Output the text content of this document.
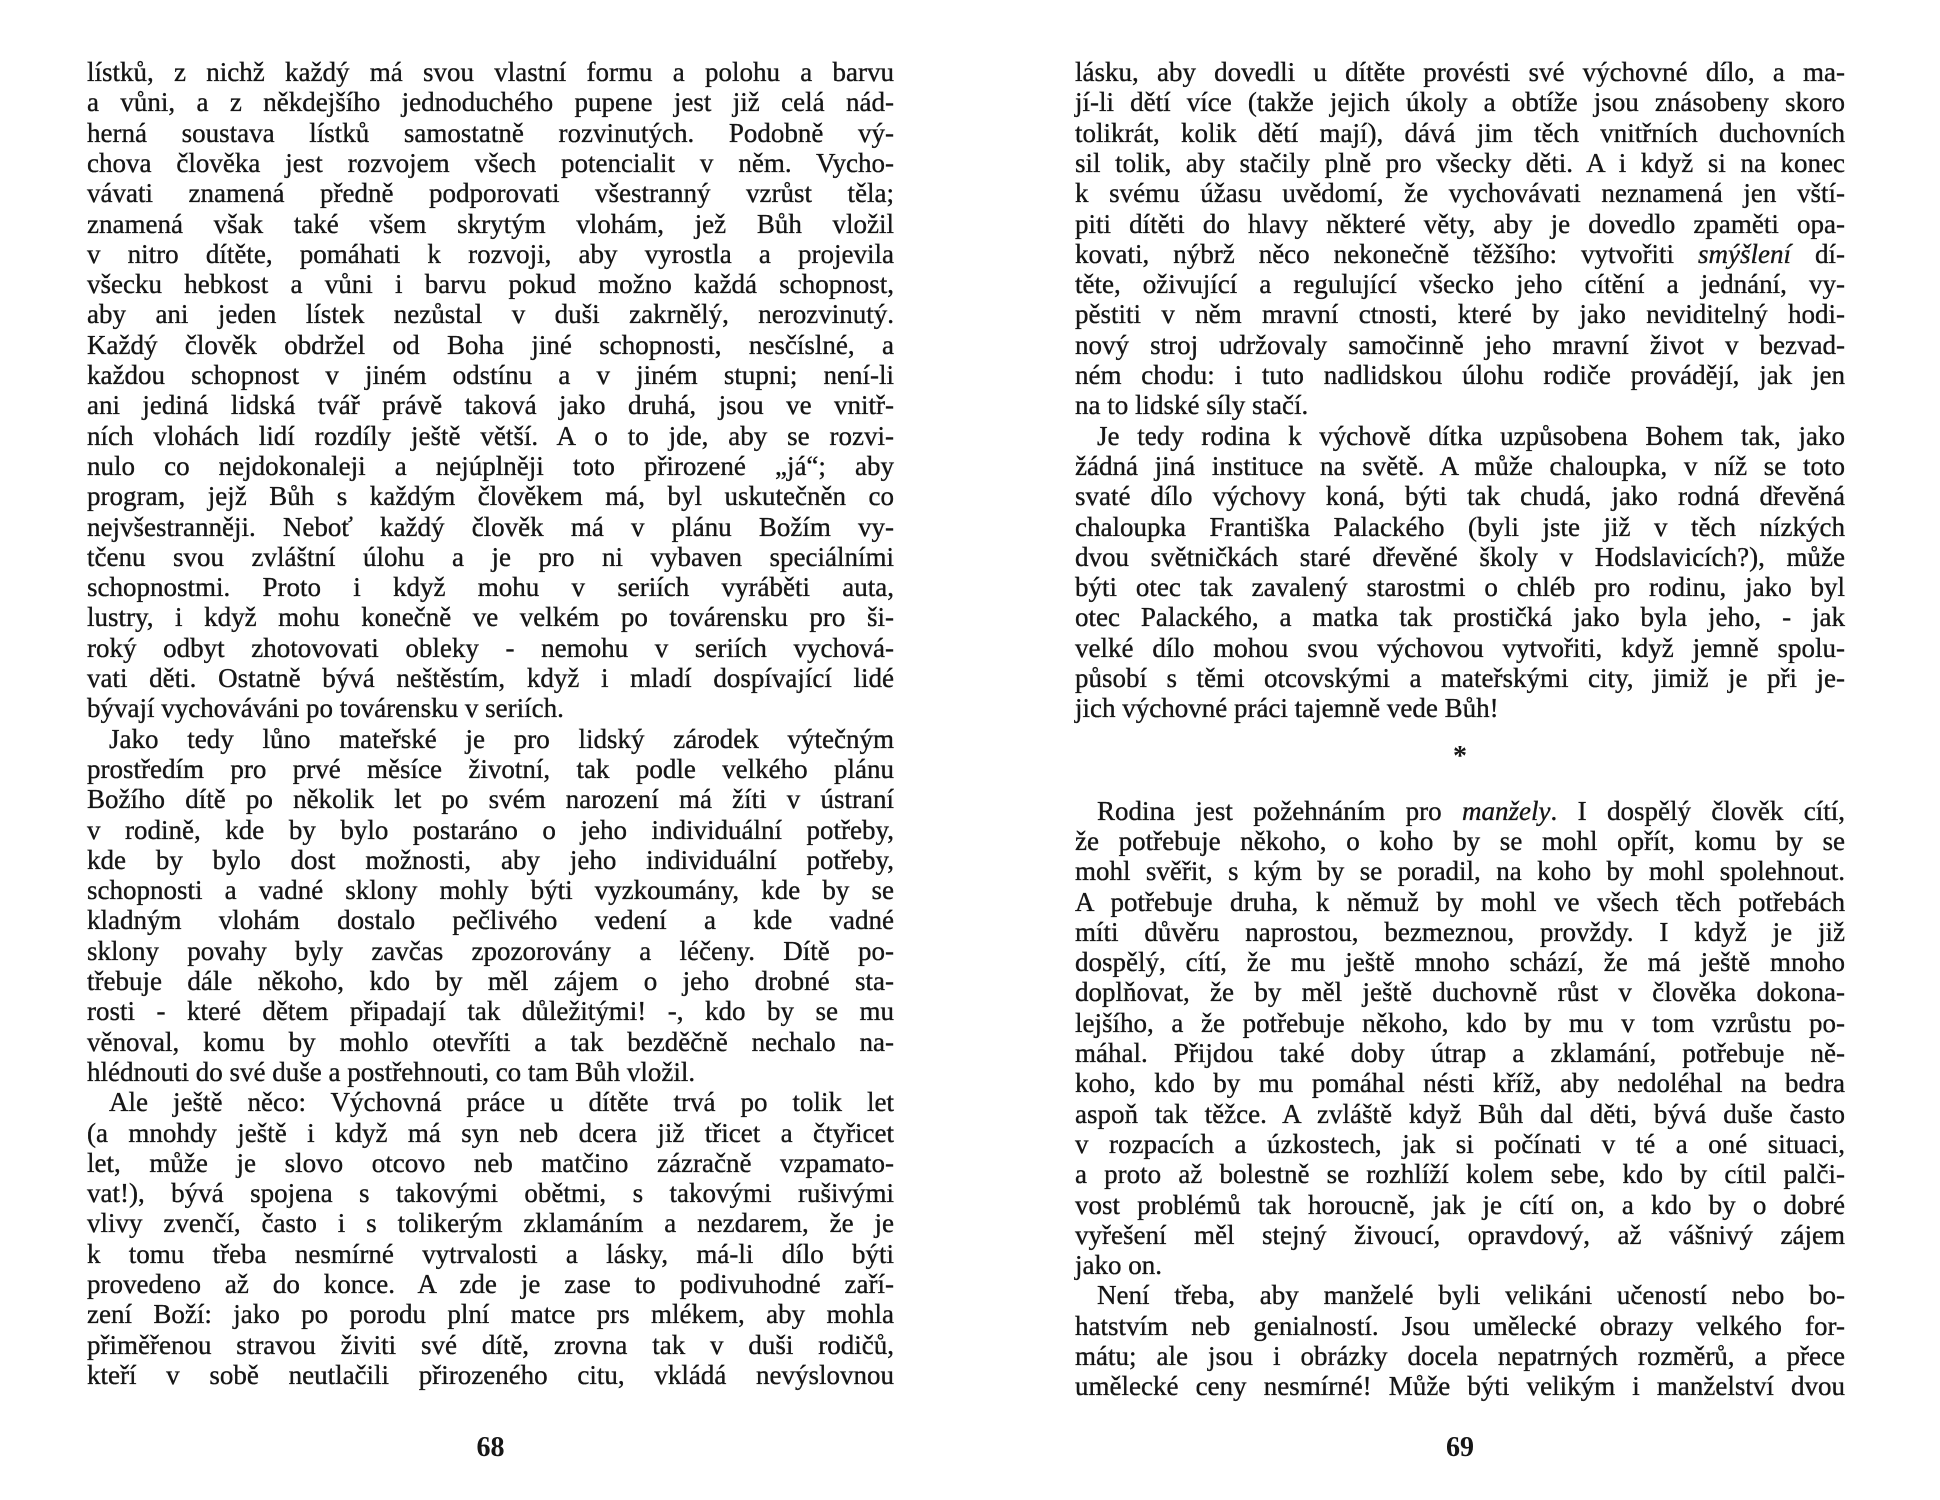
68
lístků, z nichž každý má svou vlastní formu a polohu a barvu
a vůni, a z někdejšího jednoduchého pupene jest již celá nád-
herná soustava lístků samostatně rozvinutých. Podobně vý-
chova člověka jest rozvojem všech potencialit v něm. Vycho-
vávati znamená předně podporovati všestranný vzrůst těla;
znamená však také všem skrytým vlohám, jež Bůh vložil
v nitro dítěte, pomáhati k rozvoji, aby vyrostla a projevila
všecku hebkost a vůni i barvu pokud možno každá schopnost,
aby ani jeden lístek nezůstal v duši zakrnělý, nerozvinutý.
Každý člověk obdržel od Boha jiné schopnosti, nesčíslné, a
každou schopnost v jiném odstínu a v jiném stupni; není-li
ani jediná lidská tvář právě taková jako druhá, jsou ve vnitř-
ních vlohách lidí rozdíly ještě větší. A o to jde, aby se rozvi-
nulo co nejdokonaleji a nejúplněji toto přirozené „já“; aby
program, jejž Bůh s každým člověkem má, byl uskutečněn co
nejvšestranněji. Neboť každý člověk má v plánu Božím vy-
tčenu svou zvláštní úlohu a je pro ni vybaven speciálními
schopnostmi. Proto i když mohu v seriích vyráběti auta,
lustry, i když mohu konečně ve velkém po továrensku pro ši-
roký odbyt zhotovovati obleky - nemohu v seriích vychová-
vati děti. Ostatně bývá neštěstím, když i mladí dospívající lidé
bývají vychováváni po továrensku v seriích.
Jako tedy lůno mateřské je pro lidský zárodek výtečným
prostředím pro prvé měsíce životní, tak podle velkého plánu
Božího dítě po několik let po svém narození má žíti v ústraní
v rodině, kde by bylo postaráno o jeho individuální potřeby,
kde by bylo dost možnosti, aby jeho individuální potřeby,
schopnosti a vadné sklony mohly býti vyzkoumány, kde by se
kladným vlohám dostalo pečlivého vedení a kde vadné
sklony povahy byly zavčas zpozorovány a léčeny. Dítě po-
třebuje dále někoho, kdo by měl zájem o jeho drobné sta-
rosti - které dětem připadají tak důležitými! -, kdo by se mu
věnoval, komu by mohlo otevříti a tak bezděčně nechalo na-
hlédnouti do své duše a postřehnouti, co tam Bůh vložil.
Ale ještě něco: Výchovná práce u dítěte trvá po tolik let
(a mnohdy ještě i když má syn neb dcera již třicet a čtyřicet
let, může je slovo otcovo neb matčino zázračně vzpamato-
vat!), bývá spojena s takovými obětmi, s takovými rušivými
vlivy zvenčí, často i s tolikerým zklamáním a nezdarem, že je
k tomu třeba nesmírné vytrvalosti a lásky, má-li dílo býti
provedeno až do konce. A zde je zase to podivuhodné zaří-
zení Boží: jako po porodu plní matce prs mlékem, aby mohla
přiměřenou stravou živiti své dítě, zrovna tak v duši rodičů,
kteří v sobě neutlačili přirozeného citu, vkládá nevýslovnou
*
69
lásku, aby dovedli u dítěte provésti své výchovné dílo, a ma-
jí-li dětí více (takže jejich úkoly a obtíže jsou znásobeny skoro
tolikrát, kolik dětí mají), dává jim těch vnitřních duchovních
sil tolik, aby stačily plně pro všecky děti. A i když si na konec
k svému úžasu uvědomí, že vychovávati neznamená jen vští-
piti dítěti do hlavy některé věty, aby je dovedlo zpaměti opa-
kovati, nýbrž něco nekonečně těžšího: vytvořiti smýšlení dí-
těte, oživující a regulující všecko jeho cítění a jednání, vy-
pěstiti v něm mravní ctnosti, které by jako neviditelný hodi-
nový stroj udržovaly samočinně jeho mravní život v bezvad-
ném chodu: i tuto nadlidskou úlohu rodiče provádějí, jak jen
na to lidské síly stačí.
Je tedy rodina k výchově dítka uzpůsobena Bohem tak, jako
žádná jiná instituce na světě. A může chaloupka, v níž se toto
svaté dílo výchovy koná, býti tak chudá, jako rodná dřevěná
chaloupka Františka Palackého (byli jste již v těch nízkých
dvou světničkách staré dřevěné školy v Hodslavicích?), může
býti otec tak zavalený starostmi o chléb pro rodinu, jako byl
otec Palackého, a matka tak prostičká jako byla jeho, - jak
velké dílo mohou svou výchovou vytvořiti, když jemně spolu-
působí s těmi otcovskými a mateřskými city, jimiž je při je-
jich výchovné práci tajemně vede Bůh!
Rodina jest požehnáním pro manžely. I dospělý člověk cítí,
že potřebuje někoho, o koho by se mohl opřít, komu by se
mohl svěřit, s kým by se poradil, na koho by mohl spolehnout.
A potřebuje druha, k němuž by mohl ve všech těch potřebách
míti důvěru naprostou, bezmeznou, provždy. I když je již
dospělý, cítí, že mu ještě mnoho schází, že má ještě mnoho
doplňovat, že by měl ještě duchovně růst v člověka dokona-
lejšího, a že potřebuje někoho, kdo by mu v tom vzrůstu po-
máhal. Přijdou také doby útrap a zklamání, potřebuje ně-
koho, kdo by mu pomáhal nésti kříž, aby nedoléhal na bedra
aspoň tak těžce. A zvláště když Bůh dal děti, bývá duše často
v rozpacích a úzkostech, jak si počínati v té a oné situaci,
a proto až bolestně se rozhlíží kolem sebe, kdo by cítil palči-
vost problémů tak horoucně, jak je cítí on, a kdo by o dobré
vyřešení měl stejný živoucí, opravdový, až vášnivý zájem
jako on.
Není třeba, aby manželé byli velikáni učeností nebo bo-
hatstvím neb genialností. Jsou umělecké obrazy velkého for-
mátu; ale jsou i obrázky docela nepatrných rozměrů, a přece
umělecké ceny nesmírné! Může býti velikým i manželství dvou
